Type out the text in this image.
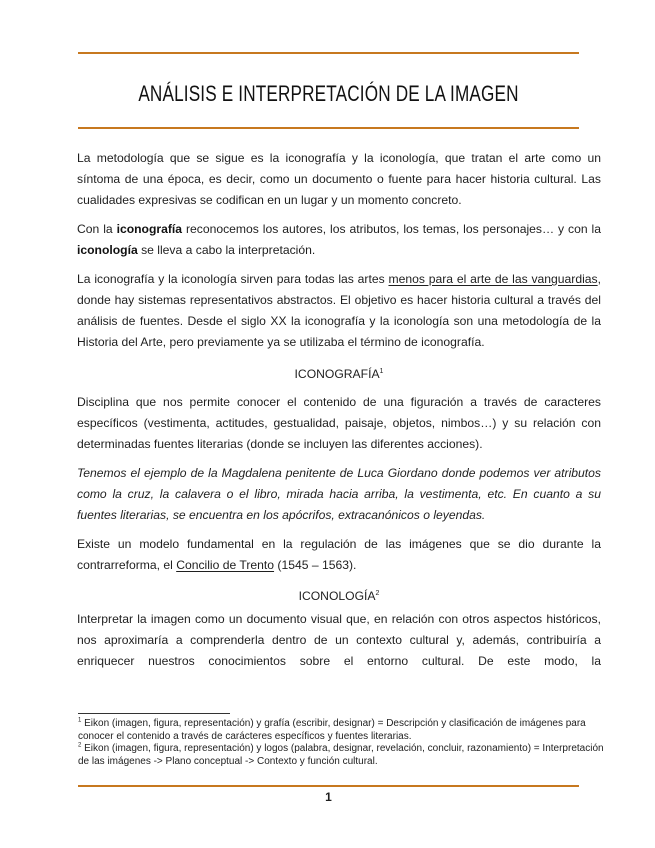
ANÁLISIS E INTERPRETACIÓN DE LA IMAGEN

La metodología que se sigue es la iconografía y la iconología, que tratan el arte como un síntoma de una época, es decir, como un documento o fuente para hacer historia cultural. Las cualidades expresivas se codifican en un lugar y un momento concreto.

Con la iconografía reconocemos los autores, los atributos, los temas, los personajes… y con la iconología se lleva a cabo la interpretación.

La iconografía y la iconología sirven para todas las artes menos para el arte de las vanguardias, donde hay sistemas representativos abstractos. El objetivo es hacer historia cultural a través del análisis de fuentes. Desde el siglo XX la iconografía y la iconología son una metodología de la Historia del Arte, pero previamente ya se utilizaba el término de iconografía.

ICONOGRAFÍA$^1$

Disciplina que nos permite conocer el contenido de una figuración a través de caracteres específicos (vestimenta, actitudes, gestualidad, paisaje, objetos, nimbos…) y su relación con determinadas fuentes literarias (donde se incluyen las diferentes acciones).

Tenemos el ejemplo de la Magdalena penitente de Luca Giordano donde podemos ver atributos como la cruz, la calavera o el libro, mirada hacia arriba, la vestimenta, etc. En cuanto a su fuentes literarias, se encuentra en los apócrifos, extracanónicos o leyendas.

Existe un modelo fundamental en la regulación de las imágenes que se dio durante la contrarreforma, el Concilio de Trento (1545 – 1563).

ICONOLOGÍA$^2$

Interpretar la imagen como un documento visual que, en relación con otros aspectos históricos, nos aproximaría a comprenderla dentro de un contexto cultural y, además, contribuiría a enriquecer nuestros conocimientos sobre el entorno cultural. De este modo, la

$^1$ Eikon (imagen, figura, representación) y grafía (escribir, designar) = Descripción y clasificación de imágenes para conocer el contenido a través de carácteres específicos y fuentes literarias.
$^2$ Eikon (imagen, figura, representación) y logos (palabra, designar, revelación, concluir, razonamiento) = Interpretación de las imágenes -> Plano conceptual -> Contexto y función cultural.
1
